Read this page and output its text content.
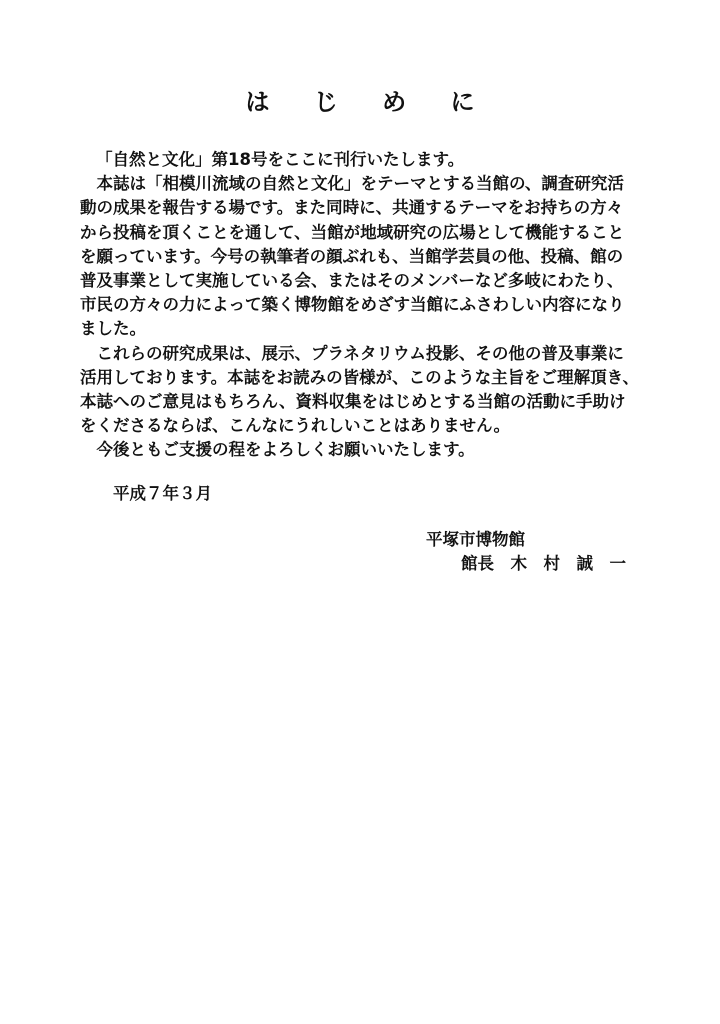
は じ め に
「自然と文化」第18号をここに刊行いたします。
　本誌は「相模川流域の自然と文化」をテーマとする当館の、調査研究活
動の成果を報告する場です。また同時に、共通するテーマをお持ちの方々
から投稿を頂くことを通して、当館が地域研究の広場として機能すること
を願っています。今号の執筆者の顔ぶれも、当館学芸員の他、投稿、館の
普及事業として実施している会、またはそのメンバーなど多岐にわたり、
市民の方々の力によって築く博物館をめざす当館にふさわしい内容になり
ました。
　これらの研究成果は、展示、プラネタリウム投影、その他の普及事業に
活用しております。本誌をお読みの皆様が、このような主旨をご理解頂き、
本誌へのご意見はもちろん、資料収集をはじめとする当館の活動に手助け
をくださるならば、こんなにうれしいことはありません。
　今後ともご支援の程をよろしくお願いいたします。
平成７年３月
平塚市博物館
館長　木　村　誠　一
